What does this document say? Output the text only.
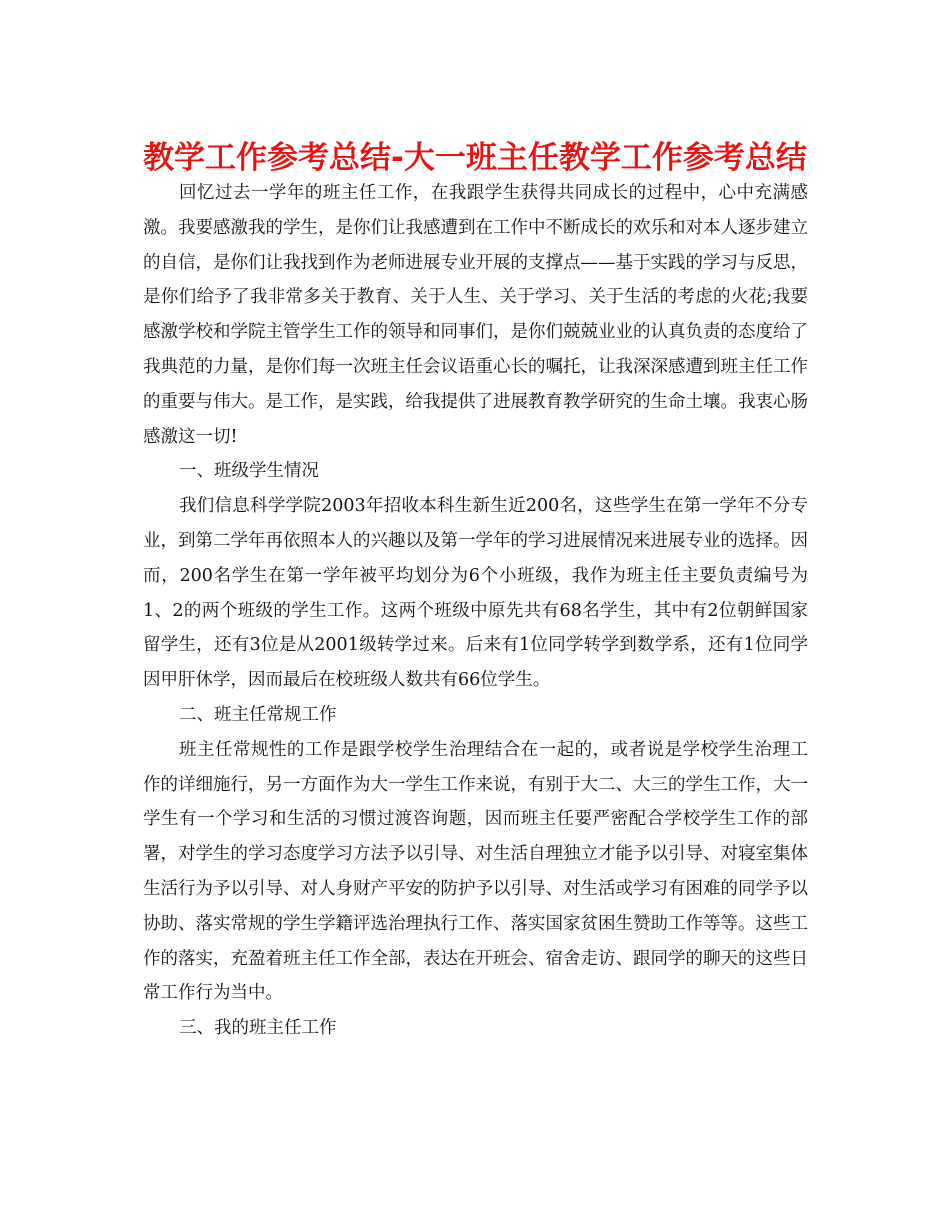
教学工作参考总结-大一班主任教学工作参考总结

回忆过去一学年的班主任工作，在我跟学生获得共同成长的过程中，心中充满感激。我要感激我的学生，是你们让我感遭到在工作中不断成长的欢乐和对本人逐步建立的自信，是你们让我找到作为老师进展专业开展的支撑点——基于实践的学习与反思，是你们给予了我非常多关于教育、关于人生、关于学习、关于生活的考虑的火花;我要感激学校和学院主管学生工作的领导和同事们，是你们兢兢业业的认真负责的态度给了我典范的力量，是你们每一次班主任会议语重心长的嘱托，让我深深感遭到班主任工作的重要与伟大。是工作，是实践，给我提供了进展教育教学研究的生命土壤。我衷心肠感激这一切!

一、班级学生情况

我们信息科学学院2003年招收本科生新生近200名，这些学生在第一学年不分专业，到第二学年再依照本人的兴趣以及第一学年的学习进展情况来进展专业的选择。因而，200名学生在第一学年被平均划分为6个小班级，我作为班主任主要负责编号为1、2的两个班级的学生工作。这两个班级中原先共有68名学生，其中有2位朝鲜国家留学生，还有3位是从2001级转学过来。后来有1位同学转学到数学系，还有1位同学因甲肝休学，因而最后在校班级人数共有66位学生。

二、班主任常规工作

班主任常规性的工作是跟学校学生治理结合在一起的，或者说是学校学生治理工作的详细施行，另一方面作为大一学生工作来说，有别于大二、大三的学生工作，大一学生有一个学习和生活的习惯过渡咨询题，因而班主任要严密配合学校学生工作的部署，对学生的学习态度学习方法予以引导、对生活自理独立才能予以引导、对寝室集体生活行为予以引导、对人身财产平安的防护予以引导、对生活或学习有困难的同学予以协助、落实常规的学生学籍评选治理执行工作、落实国家贫困生赞助工作等等。这些工作的落实，充盈着班主任工作全部，表达在开班会、宿舍走访、跟同学的聊天的这些日常工作行为当中。

三、我的班主任工作
